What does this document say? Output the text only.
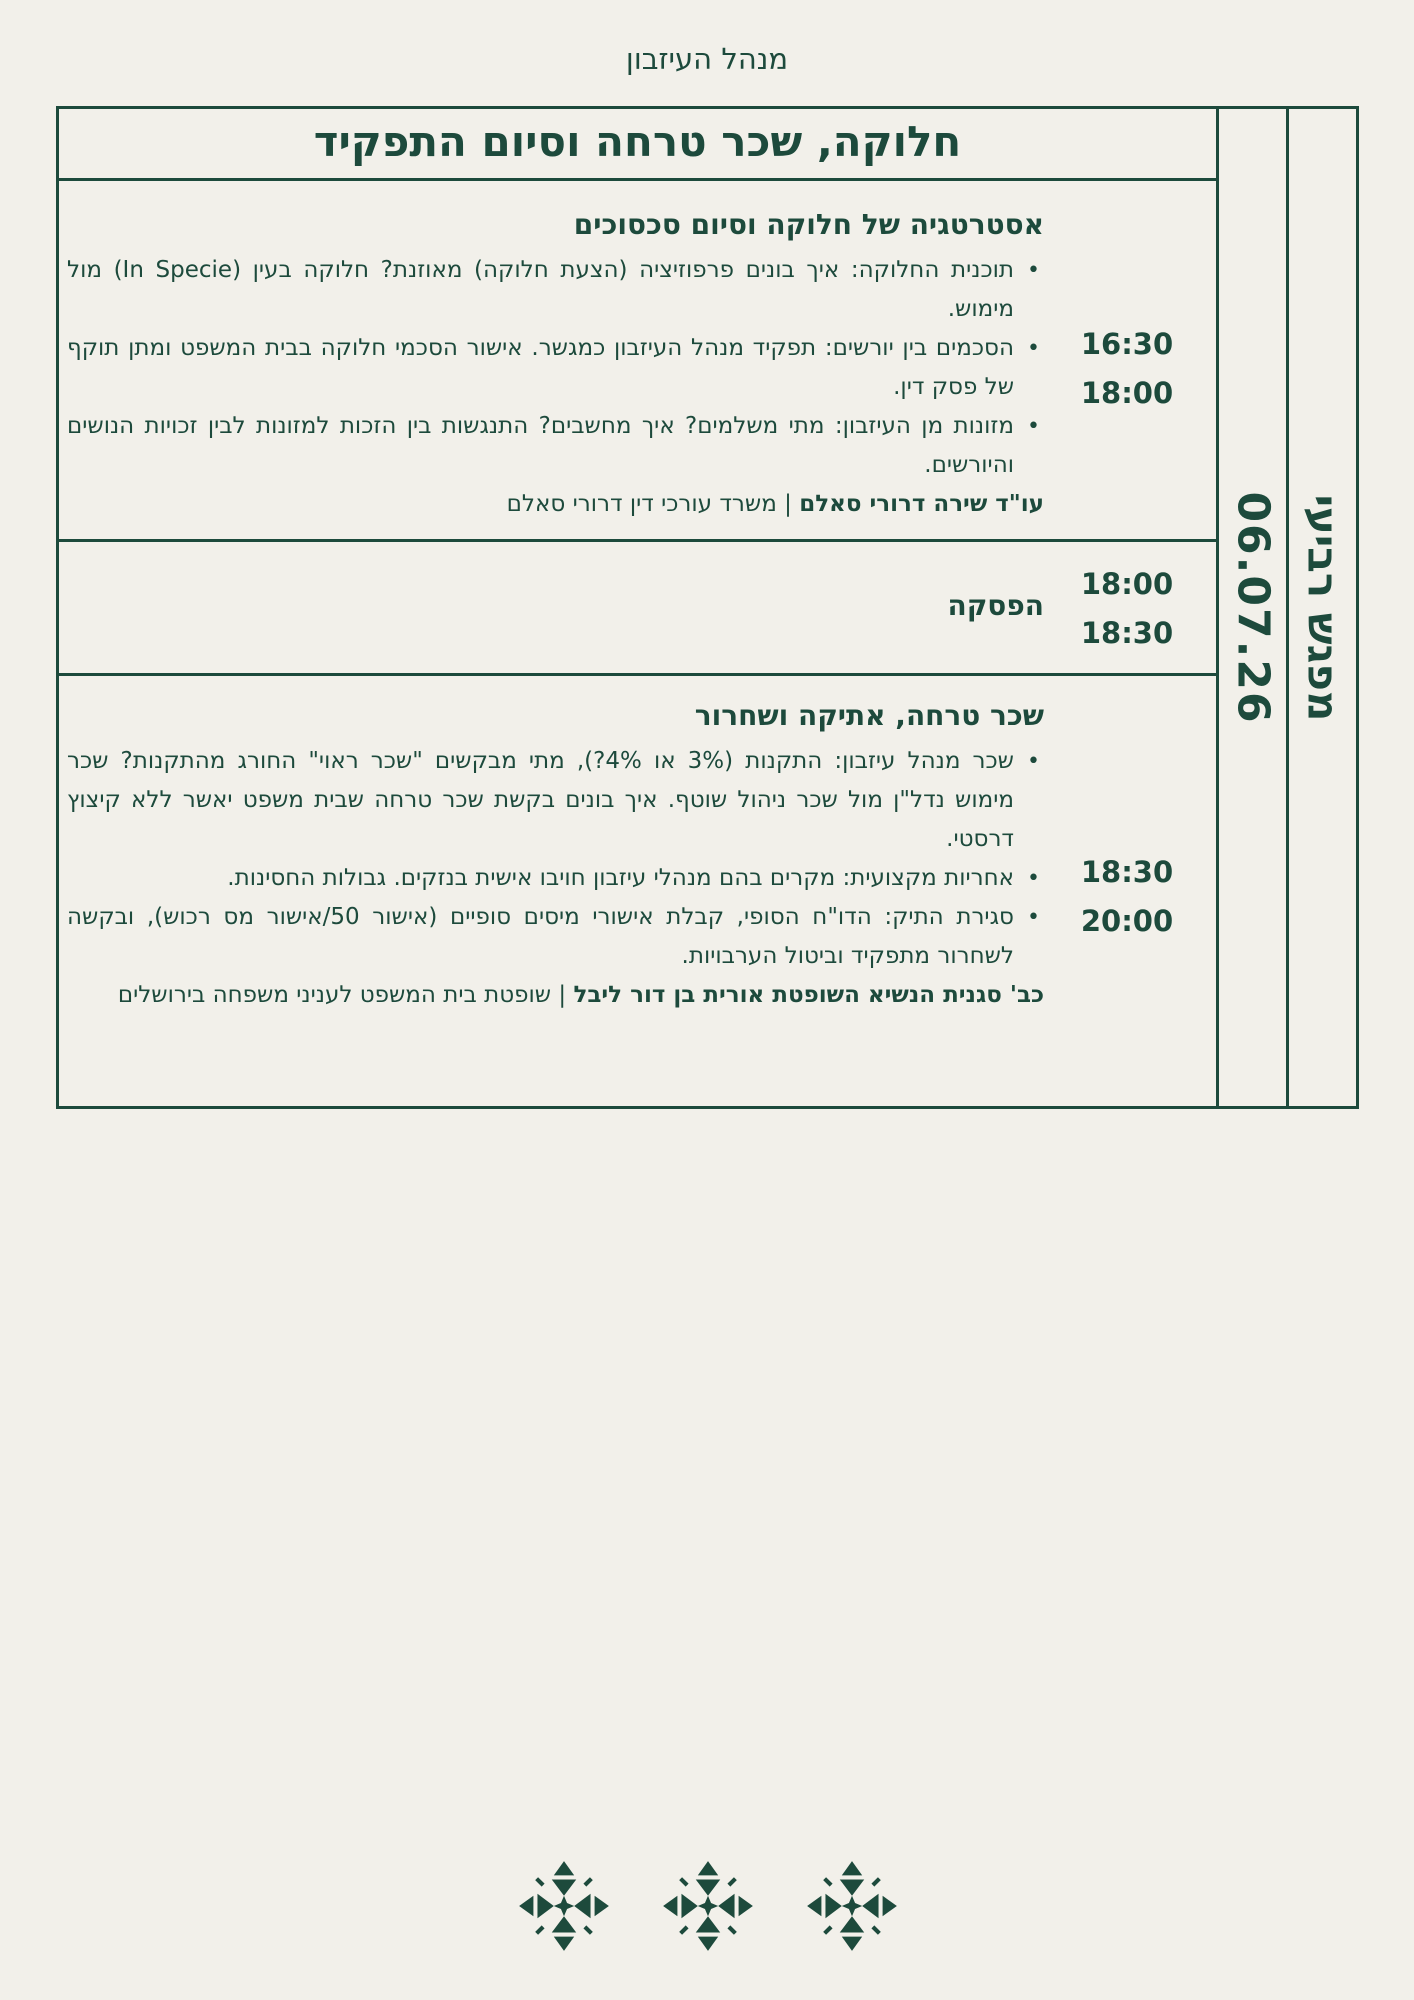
מנהל העיזבון
מפגש רביעי
06.07.26
חלוקה, שכר טרחה וסיום התפקיד
16:30
18:00
אסטרטגיה של חלוקה וסיום סכסוכים
• תוכנית החלוקה: איך בונים פרפוזיציה (הצעת חלוקה) מאוזנת? חלוקה בעין (In Specie) מול מימוש.
• הסכמים בין יורשים: תפקיד מנהל העיזבון כמגשר. אישור הסכמי חלוקה בבית המשפט ומתן תוקף של פסק דין.
• מזונות מן העיזבון: מתי משלמים? איך מחשבים? התנגשות בין הזכות למזונות לבין זכויות הנושים והיורשים.
עו"ד שירה דרורי סאלם | משרד עורכי דין דרורי סאלם
18:00
18:30
הפסקה
18:30
20:00
שכר טרחה, אתיקה ושחרור
• שכר מנהל עיזבון: התקנות (3% או 4%?), מתי מבקשים "שכר ראוי" החורג מהתקנות? שכר מימוש נדל"ן מול שכר ניהול שוטף. איך בונים בקשת שכר טרחה שבית משפט יאשר ללא קיצוץ דרסטי.
• אחריות מקצועית: מקרים בהם מנהלי עיזבון חויבו אישית בנזקים. גבולות החסינות.
• סגירת התיק: הדו"ח הסופי, קבלת אישורי מיסים סופיים (אישור 50/אישור מס רכוש), ובקשה לשחרור מתפקיד וביטול הערבויות.
כב' סגנית הנשיא השופטת אורית בן דור ליבל | שופטת בית המשפט לעניני משפחה בירושלים
